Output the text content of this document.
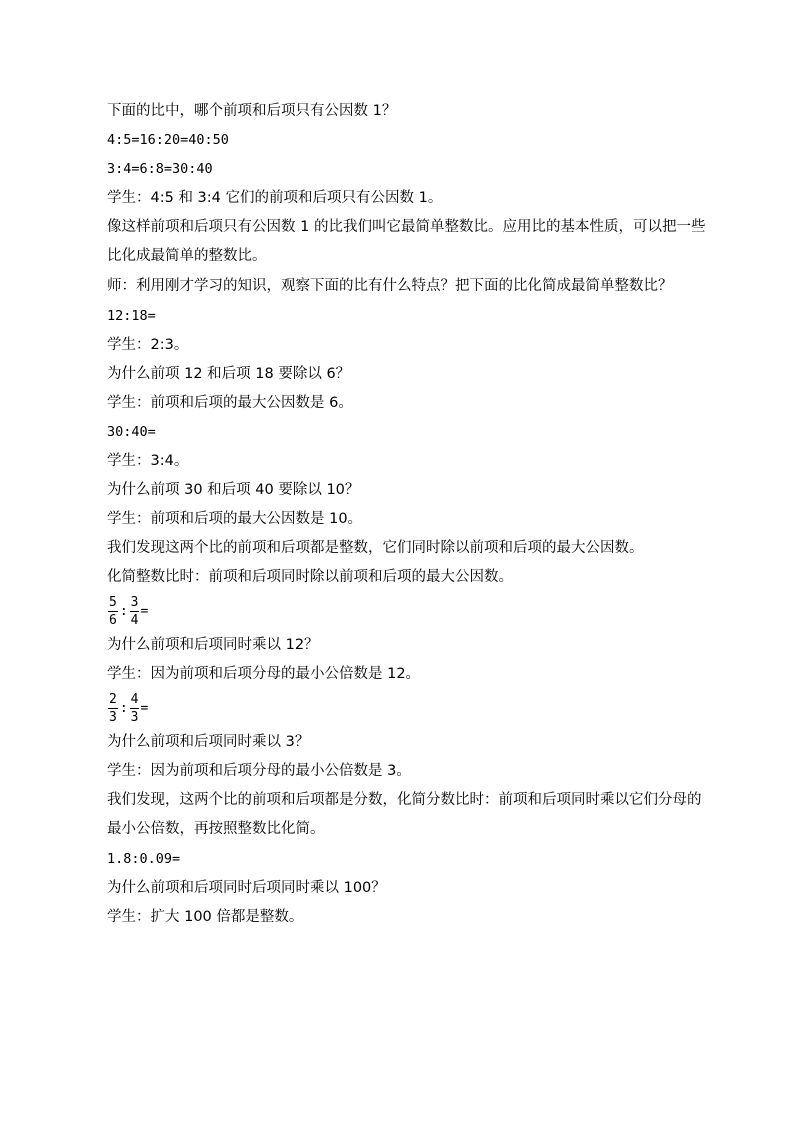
下面的比中，哪个前项和后项只有公因数 1？
4:5=16:20=40:50
3:4=6:8=30:40
学生：4:5 和 3:4 它们的前项和后项只有公因数 1。
像这样前项和后项只有公因数 1 的比我们叫它最简单整数比。应用比的基本性质，可以把一些比化成最简单的整数比。
师：利用刚才学习的知识，观察下面的比有什么特点？把下面的比化简成最简单整数比？
12:18=
学生：2:3。
为什么前项 12 和后项 18 要除以 6？
学生：前项和后项的最大公因数是 6。
30:40=
学生：3:4。
为什么前项 30 和后项 40 要除以 10？
学生：前项和后项的最大公因数是 10。
我们发现这两个比的前项和后项都是整数，它们同时除以前项和后项的最大公因数。
化简整数比时：前项和后项同时除以前项和后项的最大公因数。
$\frac{5}{6}$ : $\frac{3}{4}$ =
为什么前项和后项同时乘以 12？
学生：因为前项和后项分母的最小公倍数是 12。
$\frac{2}{3}$ : $\frac{4}{3}$ =
为什么前项和后项同时乘以 3？
学生：因为前项和后项分母的最小公倍数是 3。
我们发现，这两个比的前项和后项都是分数，化简分数比时：前项和后项同时乘以它们分母的最小公倍数，再按照整数比化简。
1.8:0.09=
为什么前项和后项同时后项同时乘以 100？
学生：扩大 100 倍都是整数。
